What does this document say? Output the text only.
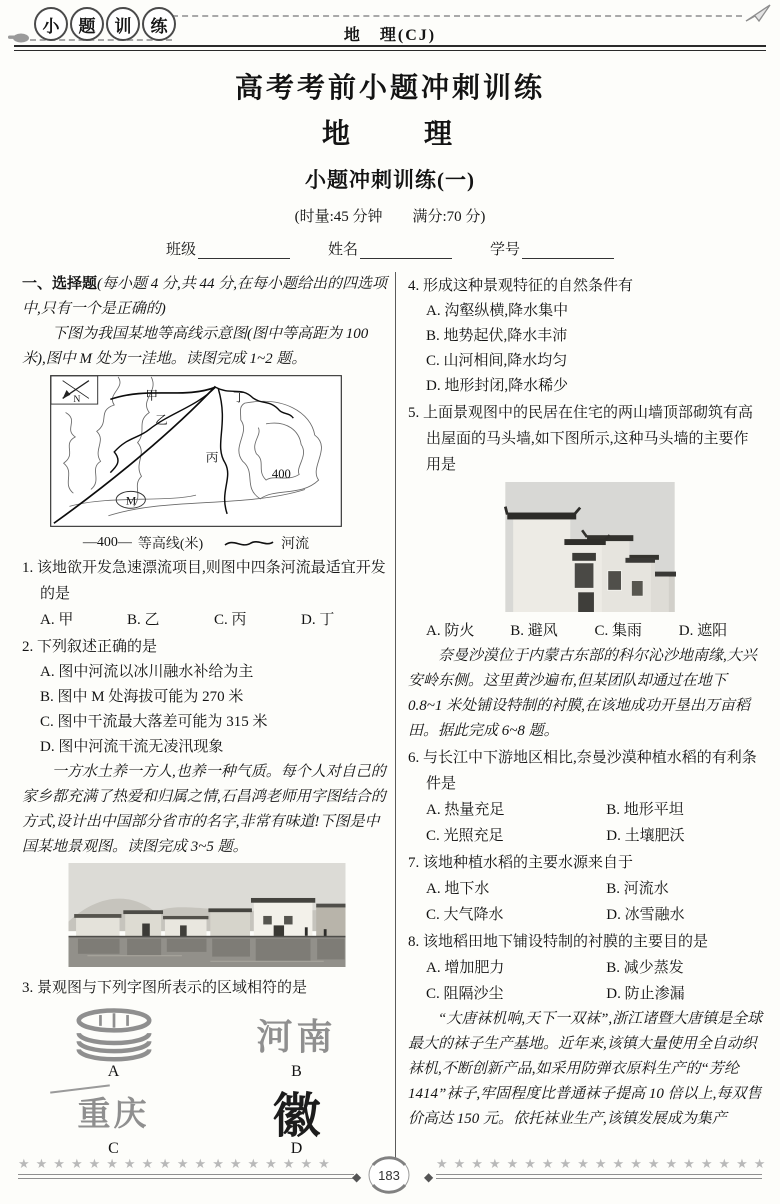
小	题	训	练	地　理(CJ)
高考考前小题冲刺训练
地　　理
小题冲刺训练(一)
(时量:45 分钟　　满分:70 分)
班级	姓名	学号
一、选择题(每小题 4 分,共 44 分,在每小题给出的四选项中,只有一个是正确的)
下图为我国某地等高线示意图(图中等高距为 100 米),图中 M 处为一洼地。读图完成 1~2 题。
N	甲
乙
丙
丁
400
M
—400— 等高线(米)	河流
1. 该地欲开发急速漂流项目,则图中四条河流最适宜开发的是
A. 甲	B. 乙	C. 丙	D. 丁
2. 下列叙述正确的是
A. 图中河流以冰川融水补给为主
B. 图中 M 处海拔可能为 270 米
C. 图中干流最大落差可能为 315 米
D. 图中河流干流无凌汛现象
一方水土养一方人,也养一种气质。每个人对自己的家乡都充满了热爱和归属之情,石昌鸿老师用字图结合的方式,设计出中国部分省市的名字,非常有味道!下图是中国某地景观图。读图完成 3~5 题。
3. 景观图与下列字图所表示的区域相符的是
A
河南
B
重庆
C
徽
D
4. 形成这种景观特征的自然条件有
A. 沟壑纵横,降水集中
B. 地势起伏,降水丰沛
C. 山河相间,降水均匀
D. 地形封闭,降水稀少
5. 上面景观图中的民居在住宅的两山墙顶部砌筑有高出屋面的马头墙,如下图所示,这种马头墙的主要作用是
A. 防火	B. 避风	C. 集雨	D. 遮阳
奈曼沙漠位于内蒙古东部的科尔沁沙地南缘,大兴安岭东侧。这里黄沙遍布,但某团队却通过在地下 0.8~1 米处铺设特制的衬膜,在该地成功开垦出万亩稻田。据此完成 6~8 题。
6. 与长江中下游地区相比,奈曼沙漠种植水稻的有利条件是
A. 热量充足	B. 地形平坦
C. 光照充足	D. 土壤肥沃
7. 该地种植水稻的主要水源来自于
A. 地下水	B. 河流水
C. 大气降水	D. 冰雪融水
8. 该地稻田地下铺设特制的衬膜的主要目的是
A. 增加肥力	B. 减少蒸发
C. 阻隔沙尘	D. 防止渗漏
“大唐袜机响,天下一双袜”,浙江诸暨大唐镇是全球最大的袜子生产基地。近年来,该镇大量使用全自动织袜机,不断创新产品,如采用防弹衣原料生产的“芳纶1414”袜子,牢固程度比普通袜子提高 10 倍以上,每双售价高达 150 元。依托袜业生产,该镇发展成为集产
★★★★★★★★★★★★★★★★★★
◆ 183 ◆
★★★★★★★★★★★★★★★★★★★
